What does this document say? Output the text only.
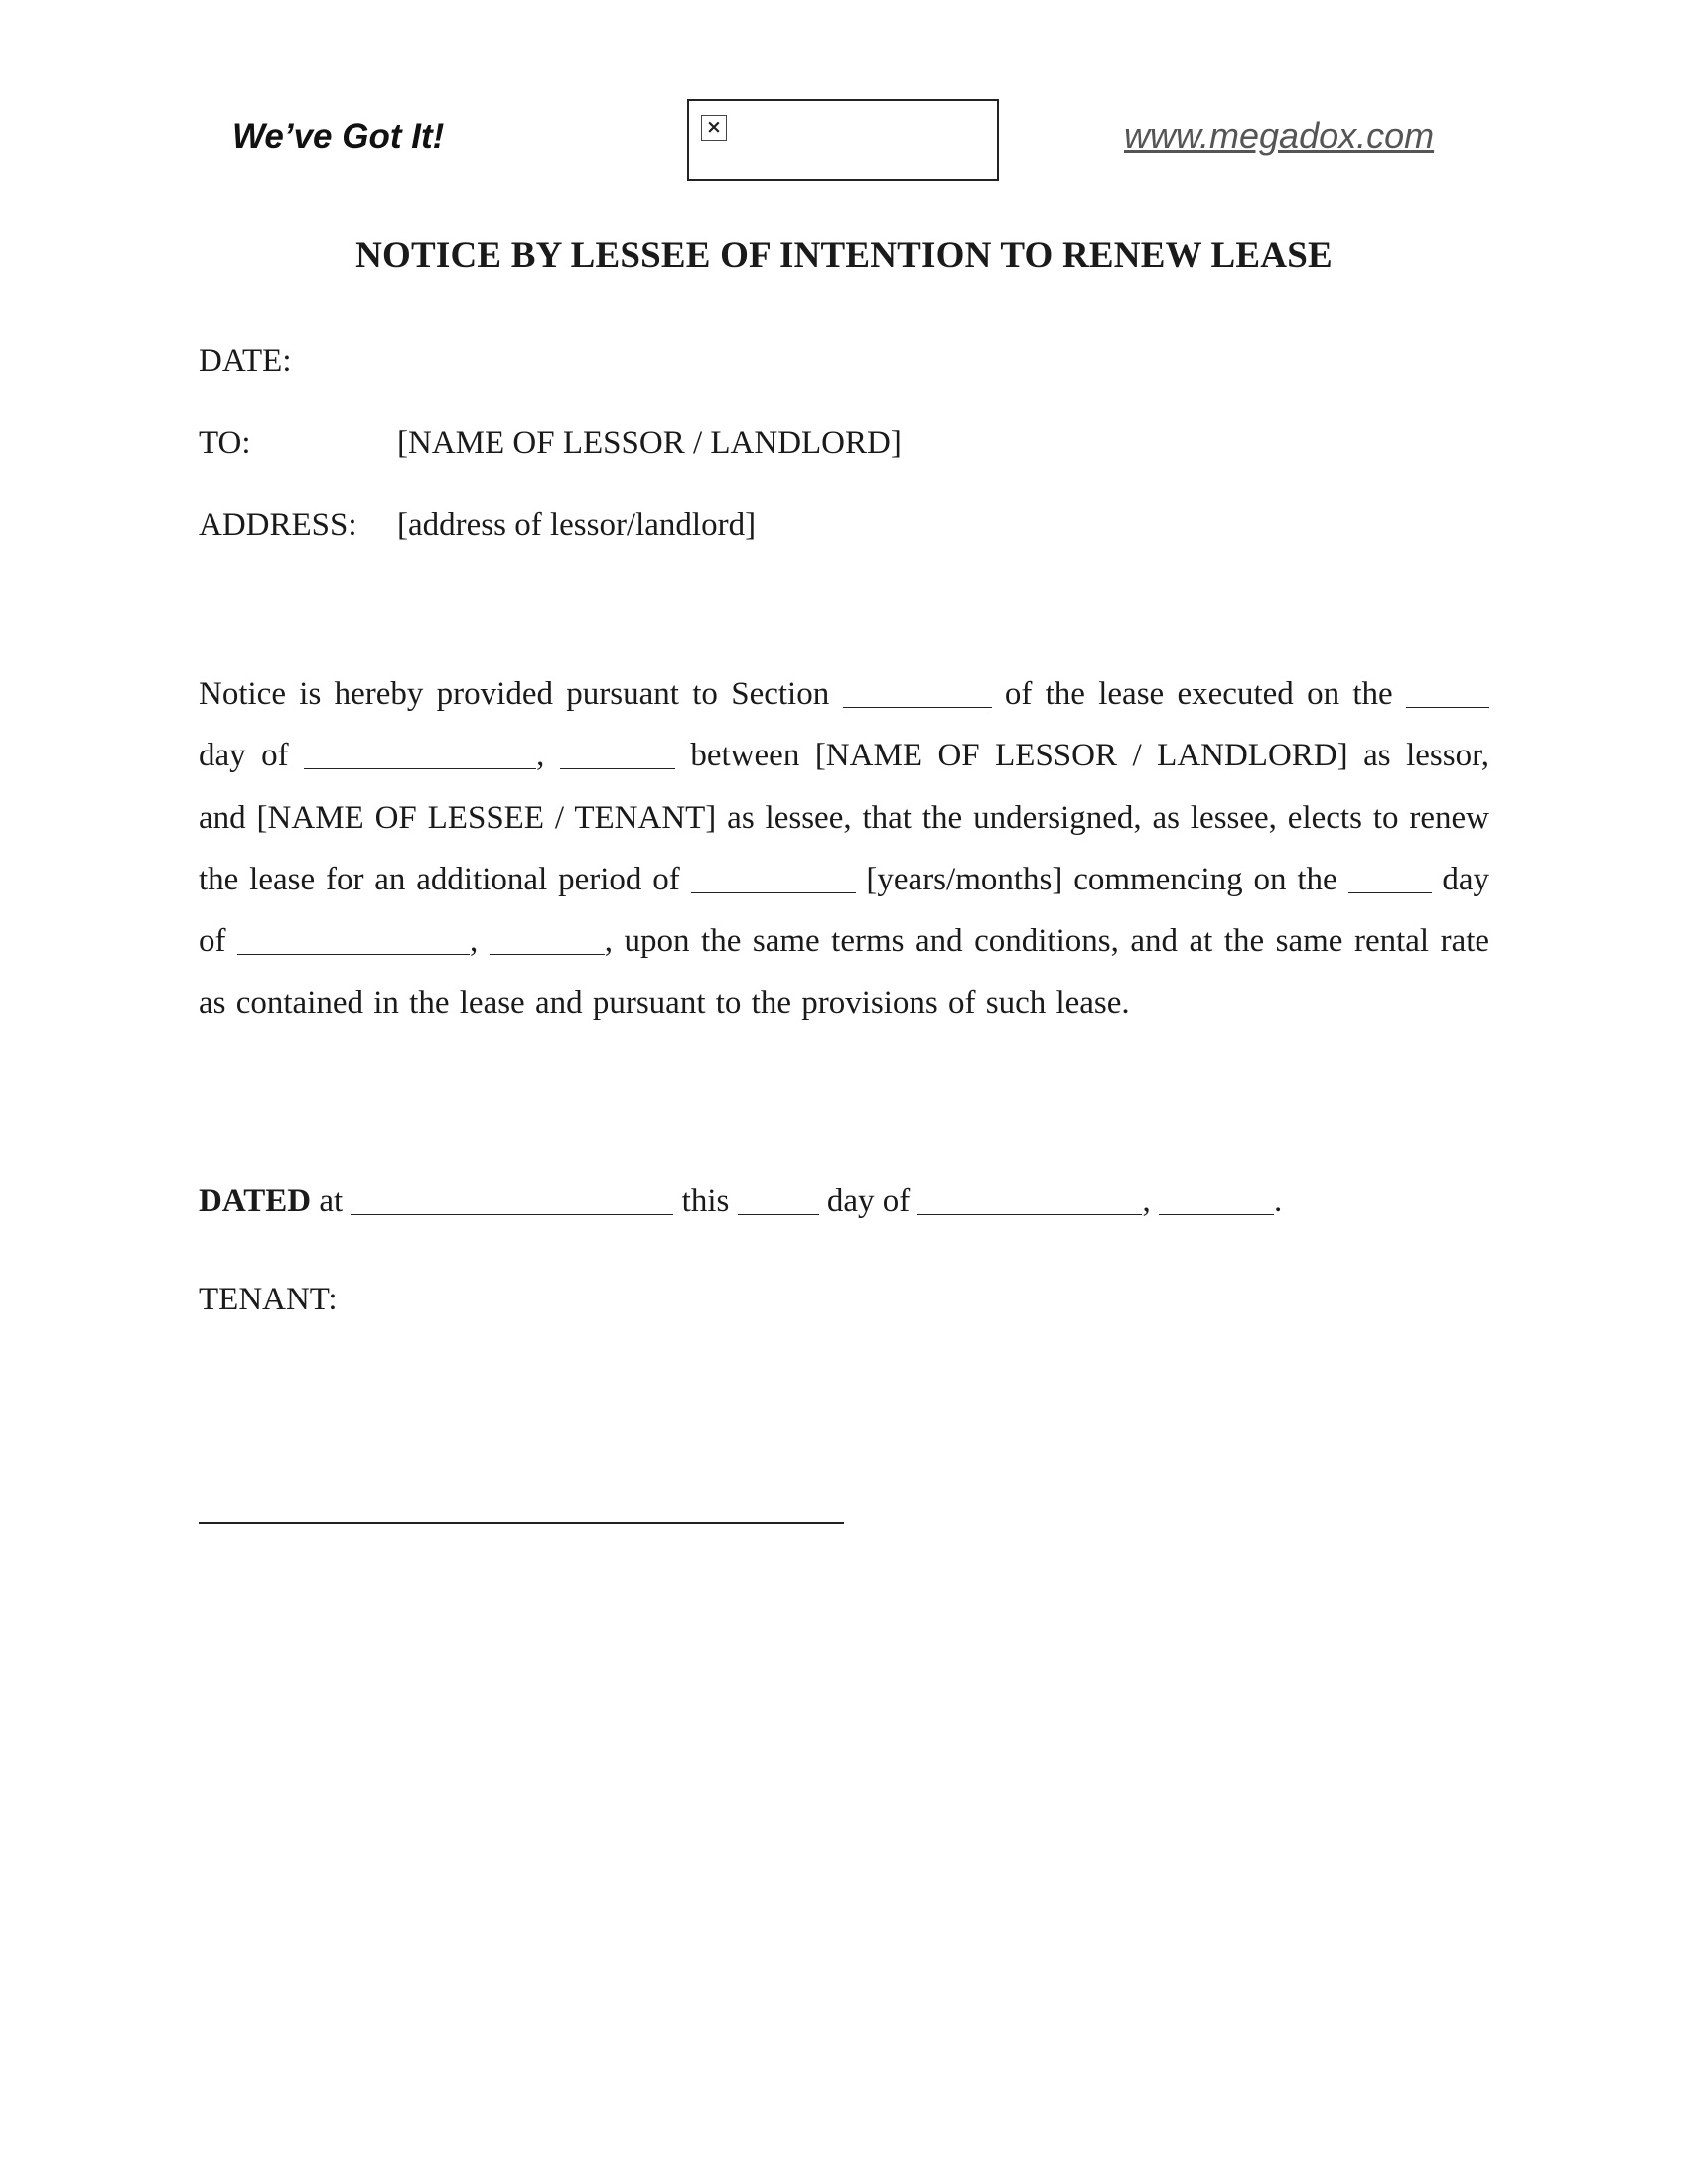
We’ve Got It!	×	www.megadox.com
NOTICE BY LESSEE OF INTENTION TO RENEW LEASE
DATE:
TO:	[NAME OF LESSOR / LANDLORD]
ADDRESS: [address of lessor/landlord]
Notice is hereby provided pursuant to Section	of the lease executed on the  day of	,	between [NAME OF LESSOR / LANDLORD] as lessor, and [NAME OF LESSEE / TENANT] as lessee, that the undersigned, as lessee, elects to renew the lease for an additional period of	[years/months] commencing on the	day of	,	, upon the same terms and conditions, and at the same rental rate as contained in the lease and pursuant to the provisions of such lease.
DATED at	this	day of	,	.
TENANT:
